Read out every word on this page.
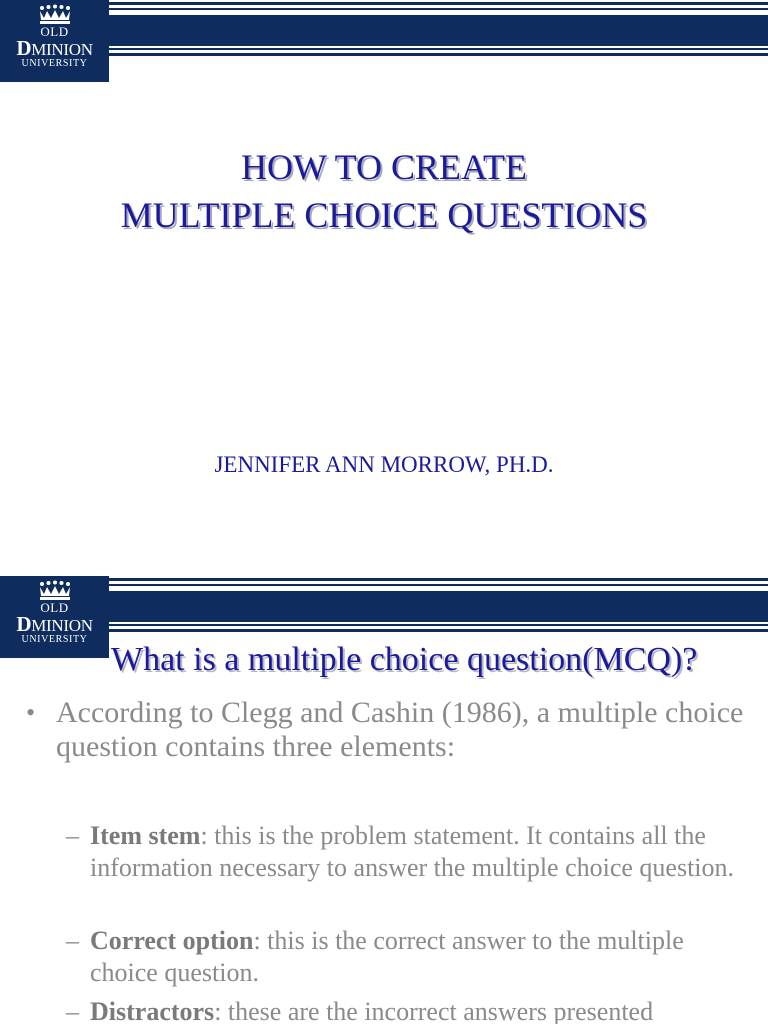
OLD
DMINION
UNIVERSITY
HOW TO CREATE
MULTIPLE CHOICE QUESTIONS
JENNIFER ANN MORROW, PH.D.
OLD
DMINION
UNIVERSITY
What is a multiple choice question(MCQ)?
• According to Clegg and Cashin (1986), a multiple choice question contains three elements:
– Item stem: this is the problem statement. It contains all the information necessary to answer the multiple choice question.
– Correct option: this is the correct answer to the multiple choice question.
– Distractors: these are the incorrect answers presented
